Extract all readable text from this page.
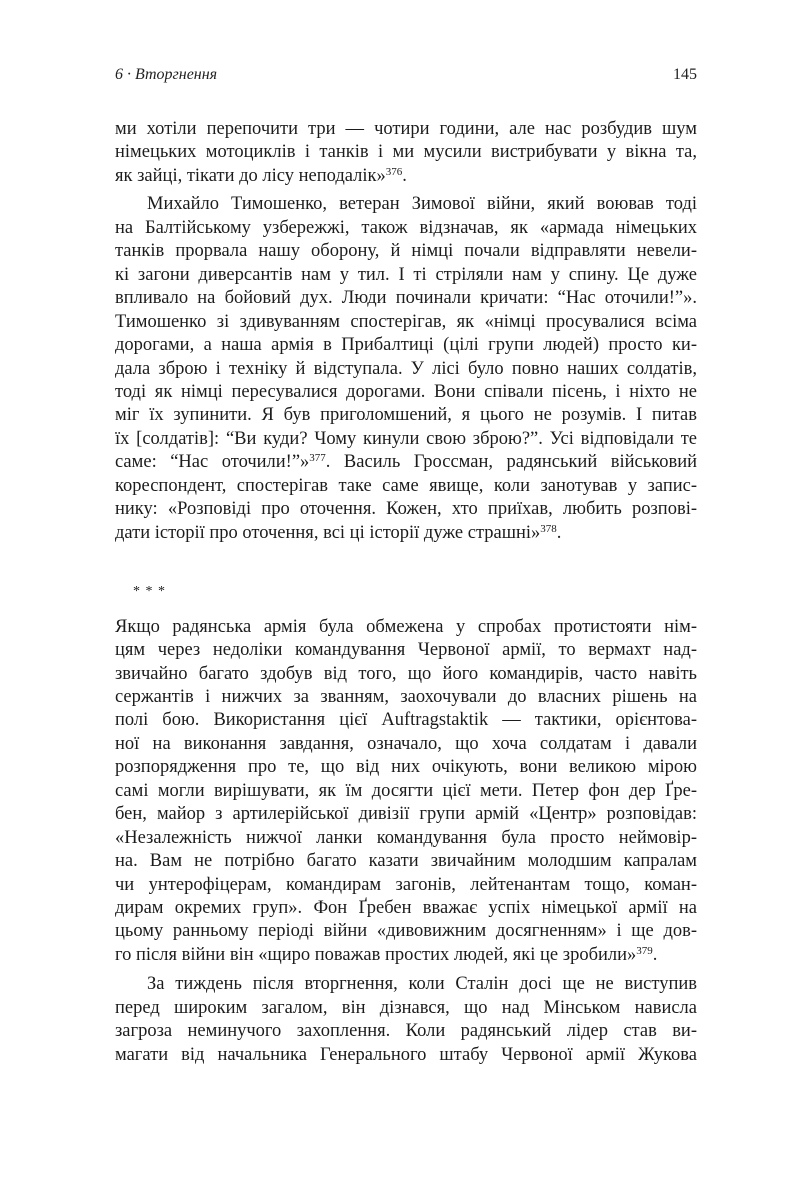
6 · Вторгнення	145
ми хотіли перепочити три — чотири години, але нас розбудив шум
німецьких мотоциклів і танків і ми мусили вистрибувати у вікна та,
як зайці, тікати до лісу неподалік»$^{376}$.
Михайло Тимошенко, ветеран Зимової війни, який воював тоді
на Балтійському узбережжі, також відзначав, як «армада німецьких
танків прорвала нашу оборону, й німці почали відправляти невели-
кі загони диверсантів нам у тил. І ті стріляли нам у спину. Це дуже
впливало на бойовий дух. Люди починали кричати: “Нас оточили!”».
Тимошенко зі здивуванням спостерігав, як «німці просувалися всіма
дорогами, а наша армія в Прибалтиці (цілі групи людей) просто ки-
дала зброю і техніку й відступала. У лісі було повно наших солдатів,
тоді як німці пересувалися дорогами. Вони співали пісень, і ніхто не
міг їх зупинити. Я був приголомшений, я цього не розумів. І питав
їх [солдатів]: “Ви куди? Чому кинули свою зброю?”. Усі відповідали те
саме: “Нас оточили!”»$^{377}$. Василь Гроссман, радянський військовий
кореспондент, спостерігав таке саме явище, коли занотував у запис-
нику: «Розповіді про оточення. Кожен, хто приїхав, любить розпові-
дати історії про оточення, всі ці історії дуже страшні»$^{378}$.
* * *
Якщо радянська армія була обмежена у спробах протистояти нім-
цям через недоліки командування Червоної армії, то вермахт над-
звичайно багато здобув від того, що його командирів, часто навіть
сержантів і нижчих за званням, заохочували до власних рішень на
полі бою. Використання цієї Auftragstaktik — тактики, орієнтова-
ної на виконання завдання, означало, що хоча солдатам і давали
розпорядження про те, що від них очікують, вони великою мірою
самі могли вирішувати, як їм досягти цієї мети. Петер фон дер Ґре-
бен, майор з артилерійської дивізії групи армій «Центр» розповідав:
«Незалежність нижчої ланки командування була просто неймовір-
на. Вам не потрібно багато казати звичайним молодшим капралам
чи унтерофіцерам, командирам загонів, лейтенантам тощо, коман-
дирам окремих груп». Фон Ґребен вважає успіх німецької армії на
цьому ранньому періоді війни «дивовижним досягненням» і ще дов-
го після війни він «щиро поважав простих людей, які це зробили»$^{379}$.
За тиждень після вторгнення, коли Сталін досі ще не виступив
перед широким загалом, він дізнався, що над Мінськом нависла
загроза неминучого захоплення. Коли радянський лідер став ви-
магати від начальника Генерального штабу Червоної армії Жукова
